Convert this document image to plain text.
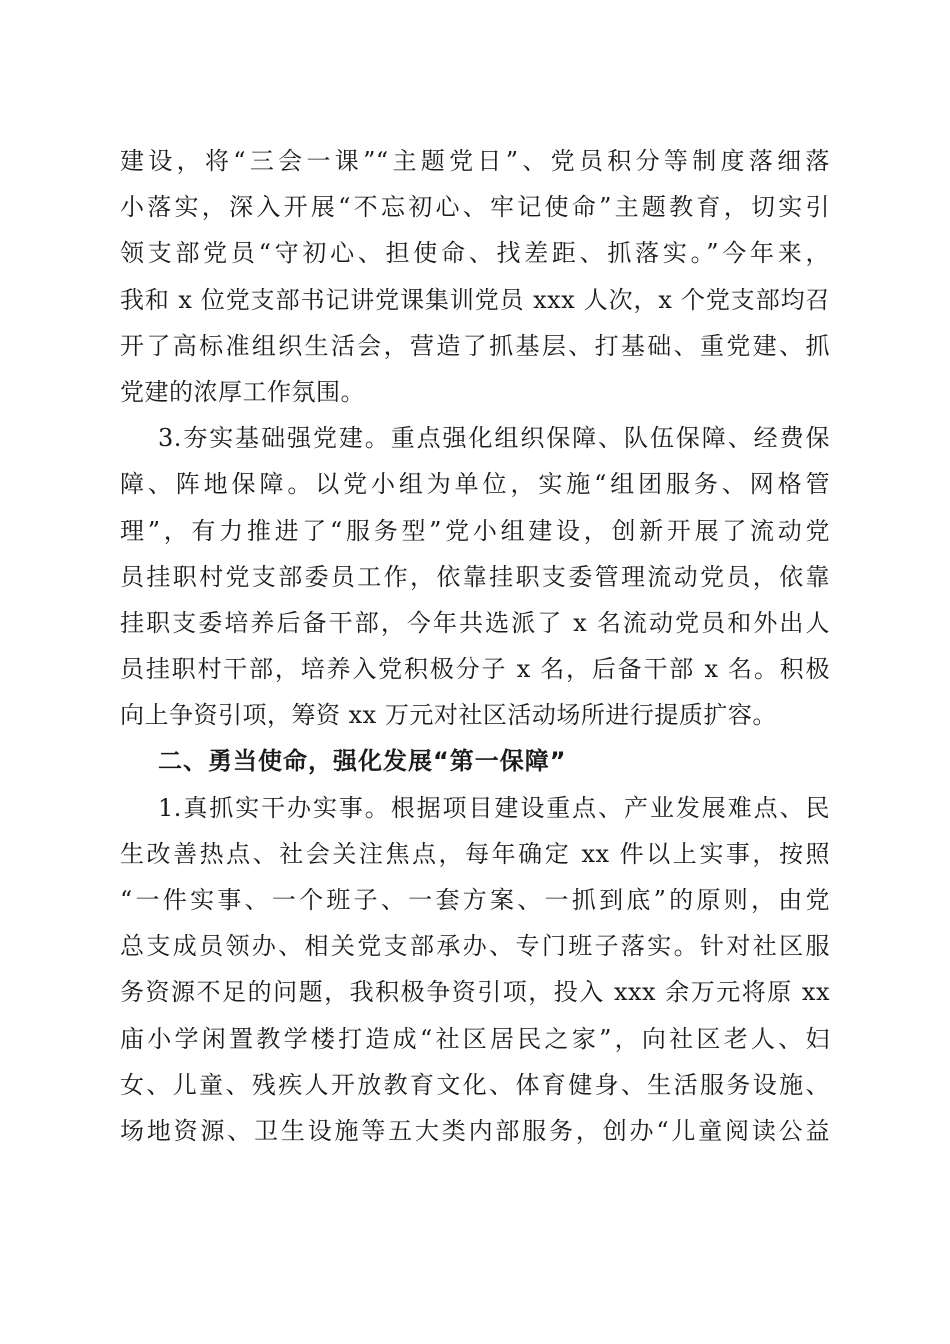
建设，将“三会一课”“主题党日”、党员积分等制度落细落
小落实，深入开展“不忘初心、牢记使命”主题教育，切实引
领支部党员“守初心、担使命、找差距、抓落实。”今年来，
我和 x 位党支部书记讲党课集训党员 xxx 人次，x 个党支部均召
开了高标准组织生活会，营造了抓基层、打基础、重党建、抓
党建的浓厚工作氛围。
3.夯实基础强党建。重点强化组织保障、队伍保障、经费保
障、阵地保障。以党小组为单位，实施“组团服务、网格管
理”，有力推进了“服务型”党小组建设，创新开展了流动党
员挂职村党支部委员工作，依靠挂职支委管理流动党员，依靠
挂职支委培养后备干部，今年共选派了 x 名流动党员和外出人
员挂职村干部，培养入党积极分子 x 名，后备干部 x 名。积极
向上争资引项，筹资 xx 万元对社区活动场所进行提质扩容。
二、勇当使命，强化发展“第一保障”
1.真抓实干办实事。根据项目建设重点、产业发展难点、民
生改善热点、社会关注焦点，每年确定 xx 件以上实事，按照
“一件实事、一个班子、一套方案、一抓到底”的原则，由党
总支成员领办、相关党支部承办、专门班子落实。针对社区服
务资源不足的问题，我积极争资引项，投入 xxx 余万元将原 xx
庙小学闲置教学楼打造成“社区居民之家”，向社区老人、妇
女、儿童、残疾人开放教育文化、体育健身、生活服务设施、
场地资源、卫生设施等五大类内部服务，创办“儿童阅读公益
